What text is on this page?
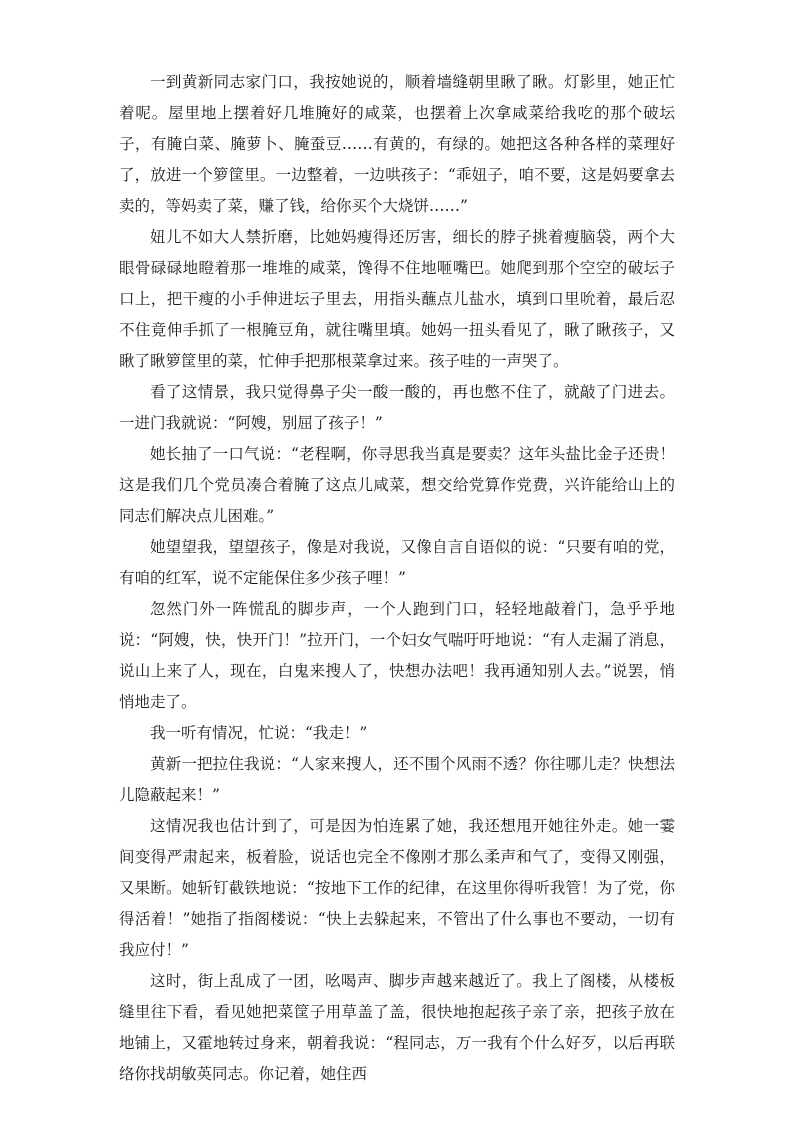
一到黄新同志家门口，我按她说的，顺着墙缝朝里瞅了瞅。灯影里，她正忙着呢。屋里地上摆着好几堆腌好的咸菜，也摆着上次拿咸菜给我吃的那个破坛子，有腌白菜、腌萝卜、腌蚕豆……有黄的，有绿的。她把这各种各样的菜理好了，放进一个箩筐里。一边整着，一边哄孩子：“乖妞子，咱不要，这是妈要拿去卖的，等妈卖了菜，赚了钱，给你买个大烧饼……”

妞儿不如大人禁折磨，比她妈瘦得还厉害，细长的脖子挑着瘦脑袋，两个大眼骨碌碌地瞪着那一堆堆的咸菜，馋得不住地咂嘴巴。她爬到那个空空的破坛子口上，把干瘦的小手伸进坛子里去，用指头蘸点儿盐水，填到口里吮着，最后忍不住竟伸手抓了一根腌豆角，就往嘴里填。她妈一扭头看见了，瞅了瞅孩子，又瞅了瞅箩筐里的菜，忙伸手把那根菜拿过来。孩子哇的一声哭了。

看了这情景，我只觉得鼻子尖一酸一酸的，再也憋不住了，就敲了门进去。一进门我就说：“阿嫂，别屈了孩子！”

她长抽了一口气说：“老程啊，你寻思我当真是要卖？这年头盐比金子还贵！这是我们几个党员凑合着腌了这点儿咸菜，想交给党算作党费，兴许能给山上的同志们解决点儿困难。”

她望望我，望望孩子，像是对我说，又像自言自语似的说：“只要有咱的党，有咱的红军，说不定能保住多少孩子哩！”

忽然门外一阵慌乱的脚步声，一个人跑到门口，轻轻地敲着门，急乎乎地说：“阿嫂，快，快开门！”拉开门，一个妇女气喘吁吁地说：“有人走漏了消息，说山上来了人，现在，白鬼来搜人了，快想办法吧！我再通知别人去。”说罢，悄悄地走了。

我一听有情况，忙说：“我走！”

黄新一把拉住我说：“人家来搜人，还不围个风雨不透？你往哪儿走？快想法儿隐蔽起来！”

这情况我也估计到了，可是因为怕连累了她，我还想甩开她往外走。她一霎间变得严肃起来，板着脸，说话也完全不像刚才那么柔声和气了，变得又刚强，又果断。她斩钉截铁地说：“按地下工作的纪律，在这里你得听我管！为了党，你得活着！”她指了指阁楼说：“快上去躲起来，不管出了什么事也不要动，一切有我应付！”

这时，街上乱成了一团，吆喝声、脚步声越来越近了。我上了阁楼，从楼板缝里往下看，看见她把菜筐子用草盖了盖，很快地抱起孩子亲了亲，把孩子放在地铺上，又霍地转过身来，朝着我说：“程同志，万一我有个什么好歹，以后再联络你找胡敏英同志。你记着，她住西
